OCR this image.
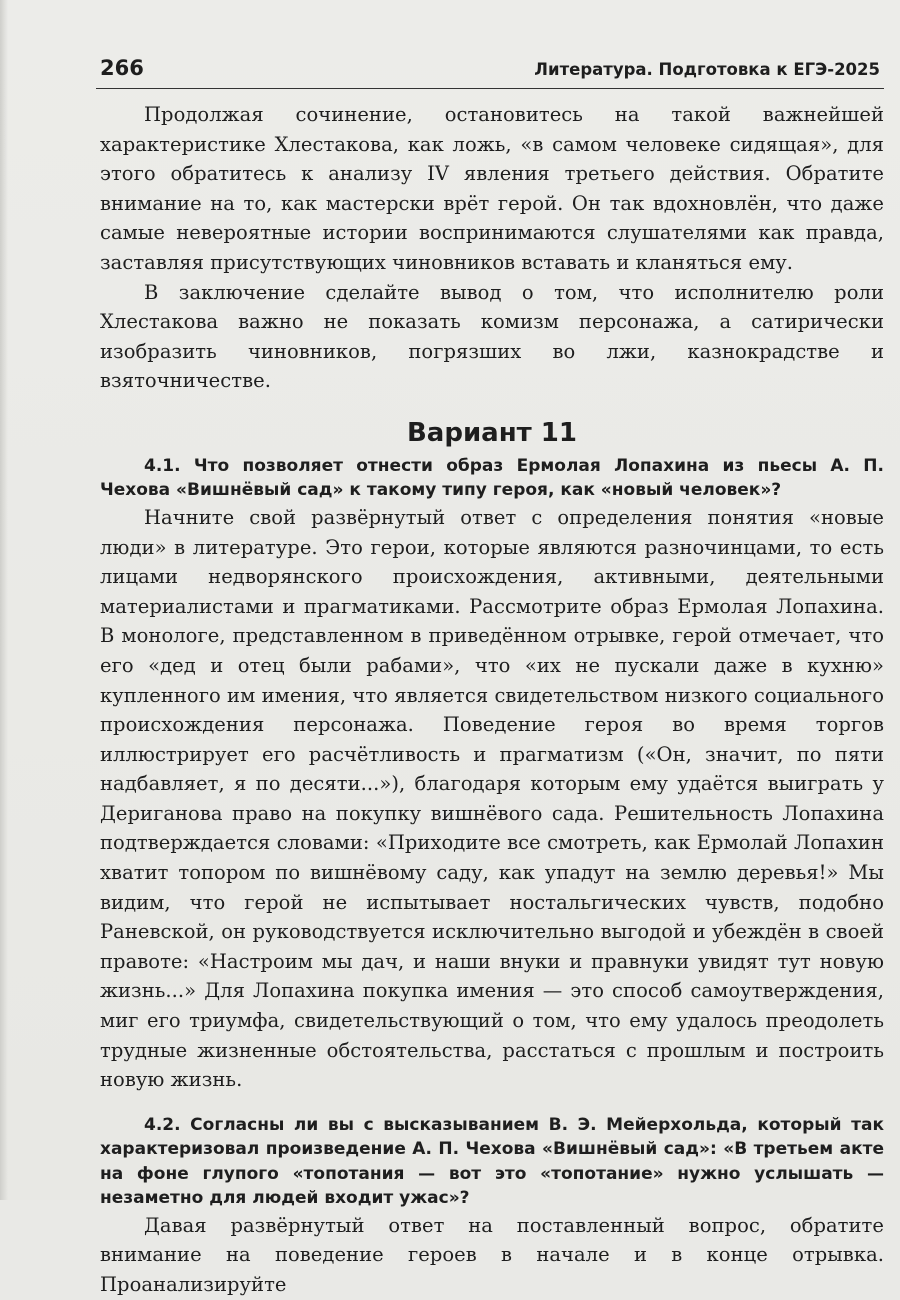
266	Литература. Подготовка к ЕГЭ-2025

Продолжая сочинение, остановитесь на такой важнейшей характеристике Хлестакова, как ложь, «в самом человеке сидящая», для этого обратитесь к анализу IV явления третьего действия. Обратите внимание на то, как мастерски врёт герой. Он так вдохновлён, что даже самые невероятные истории воспринимаются слушателями как правда, заставляя присутствующих чиновников вставать и кланяться ему.

В заключение сделайте вывод о том, что исполнителю роли Хлестакова важно не показать комизм персонажа, а сатирически изобразить чиновников, погрязших во лжи, казнокрадстве и взяточничестве.

Вариант 11

4.1. Что позволяет отнести образ Ермолая Лопахина из пьесы А. П. Чехова «Вишнёвый сад» к такому типу героя, как «новый человек»?

Начните свой развёрнутый ответ с определения понятия «новые люди» в литературе. Это герои, которые являются разночинцами, то есть лицами недворянского происхождения, активными, деятельными материалистами и прагматиками. Рассмотрите образ Ермолая Лопахина. В монологе, представленном в приведённом отрывке, герой отмечает, что его «дед и отец были рабами», что «их не пускали даже в кухню» купленного им имения, что является свидетельством низкого социального происхождения персонажа. Поведение героя во время торгов иллюстрирует его расчётливость и прагматизм («Он, значит, по пяти надбавляет, я по десяти...»), благодаря которым ему удаётся выиграть у Дериганова право на покупку вишнёвого сада. Решительность Лопахина подтверждается словами: «Приходите все смотреть, как Ермолай Лопахин хватит топором по вишнёвому саду, как упадут на землю деревья!» Мы видим, что герой не испытывает ностальгических чувств, подобно Раневской, он руководствуется исключительно выгодой и убеждён в своей правоте: «Настроим мы дач, и наши внуки и правнуки увидят тут новую жизнь...» Для Лопахина покупка имения — это способ самоутверждения, миг его триумфа, свидетельствующий о том, что ему удалось преодолеть трудные жизненные обстоятельства, расстаться с прошлым и построить новую жизнь.

4.2. Согласны ли вы с высказыванием В. Э. Мейерхольда, который так характеризовал произведение А. П. Чехова «Вишнёвый сад»: «В третьем акте на фоне глупого «топотания — вот это «топотание» нужно услышать — незаметно для людей входит ужас»?

Давая развёрнутый ответ на поставленный вопрос, обратите внимание на поведение героев в начале и в конце отрывка. Проанализируйте
